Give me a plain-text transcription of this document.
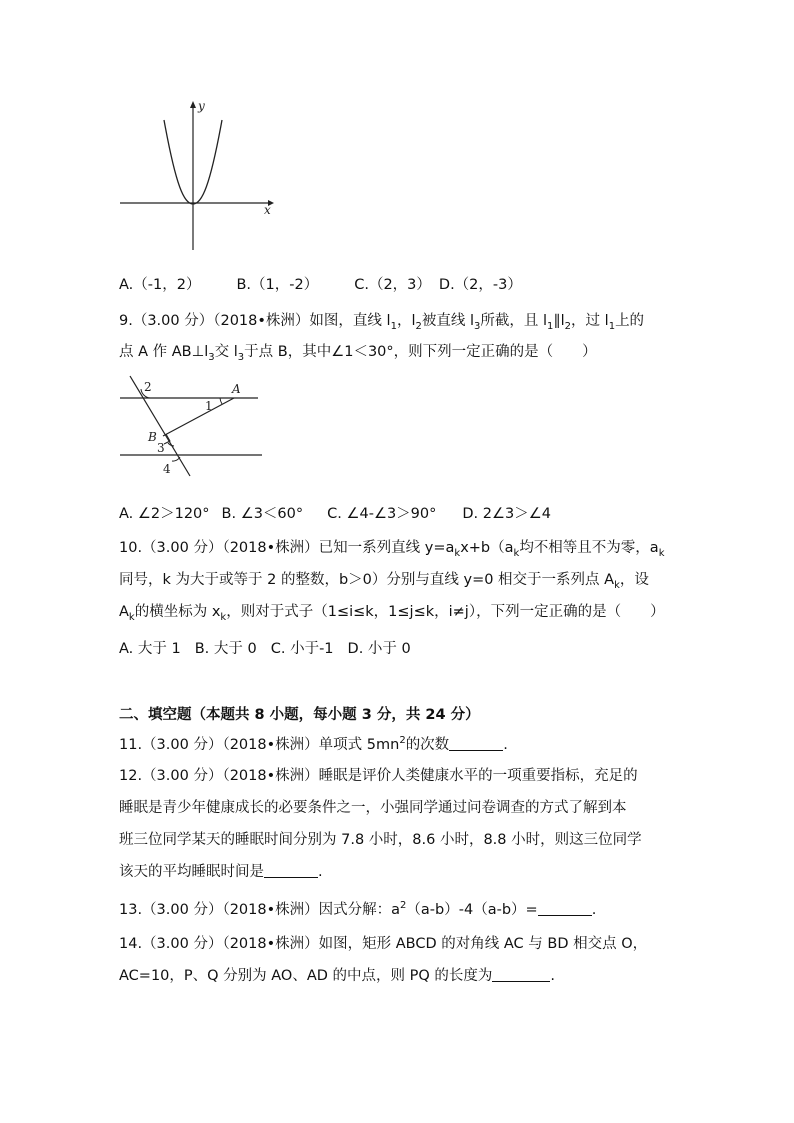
y
x
A.（-1，2） B.（1，-2） C.（2，3） D.（2，-3）
9.（3.00 分）（2018•株洲）如图，直线 $l_1$，$l_2$被直线 $l_3$所截，且 $l_1\parallel l_2$，过 $l_1$上的
点 A 作 $AB\perp l_3$交 $l_3$于点 B，其中∠1＜30°，则下列一定正确的是（　　）
2	A
1
B
3
4
A. ∠2＞120° B. ∠3＜60° C. ∠4-∠3＞90° D. 2∠3＞∠4
10.（3.00 分）（2018•株洲）已知一系列直线 $y=a_kx+b(a_k$均不相等且不为零，$a_k$
同号，k 为大于或等于 2 的整数，b＞0）分别与直线 y=0 相交于一系列点 $A_k$，设
$A_k$的横坐标为 $x_k$，则对于式子（1≤i≤k，1≤j≤k，i≠j），下列一定正确的是（　　）
A. 大于 1 B. 大于 0 C. 小于-1 D. 小于 0
二、填空题（本题共 8 小题，每小题 3 分，共 24 分）
11.（3.00 分）（2018•株洲）单项式 $5mn^2$的次数	.
12.（3.00 分）（2018•株洲）睡眠是评价人类健康水平的一项重要指标，充足的
睡眠是青少年健康成长的必要条件之一，小强同学通过问卷调查的方式了解到本
班三位同学某天的睡眠时间分别为 7.8 小时，8.6 小时，8.8 小时，则这三位同学
该天的平均睡眠时间是	.
13.（3.00 分）（2018•株洲）因式分解：$a^2(a-b)-4(a-b)=$	.
14.（3.00 分）（2018•株洲）如图，矩形 ABCD 的对角线 AC 与 BD 相交点 O，
AC=10，P、Q 分别为 AO、AD 的中点，则 PQ 的长度为	.
